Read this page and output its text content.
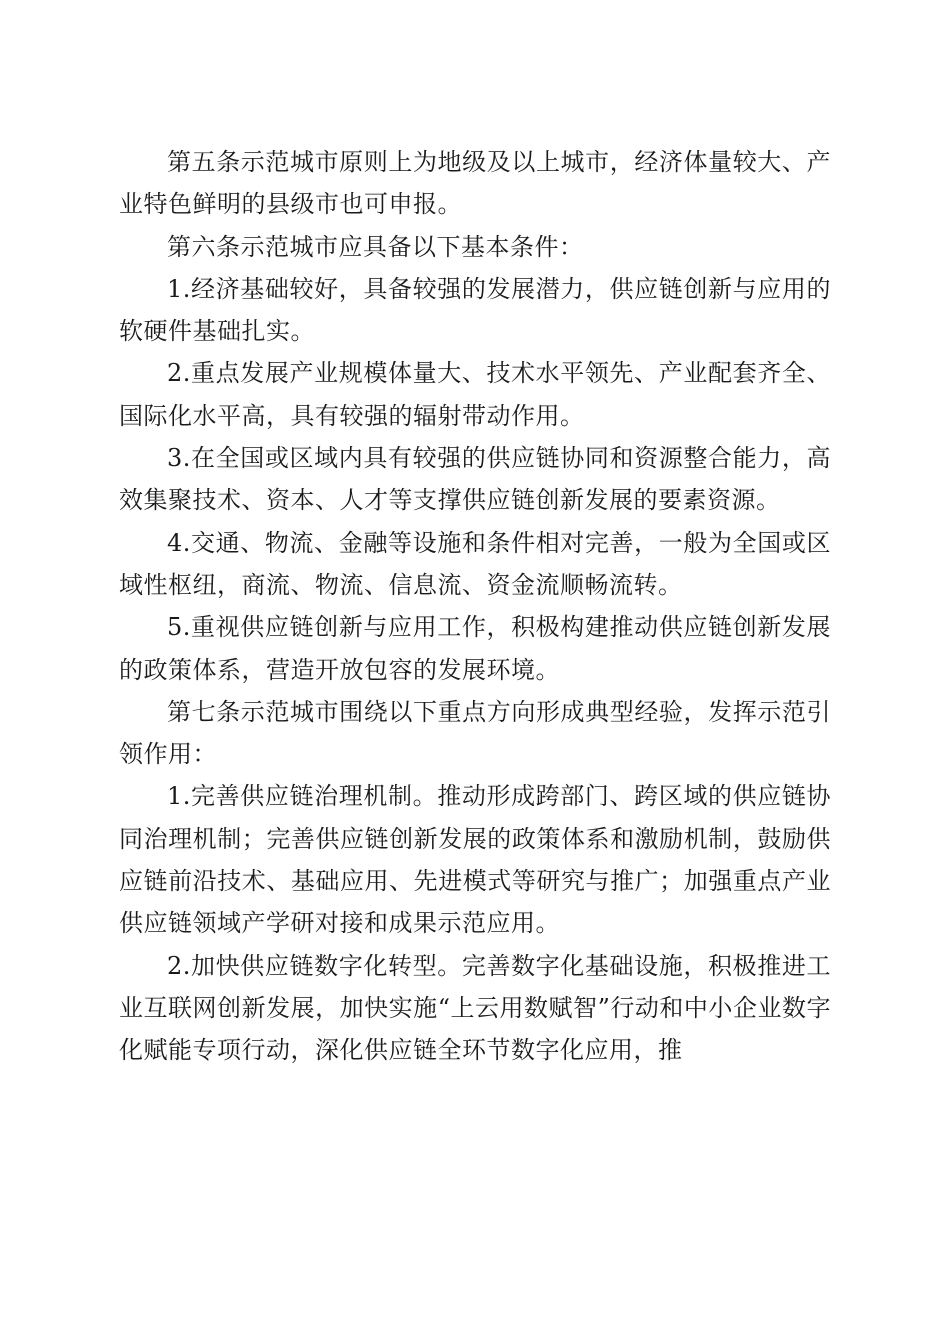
第五条示范城市原则上为地级及以上城市，经济体量较大、产业特色鲜明的县级市也可申报。

第六条示范城市应具备以下基本条件：

1.经济基础较好，具备较强的发展潜力，供应链创新与应用的软硬件基础扎实。

2.重点发展产业规模体量大、技术水平领先、产业配套齐全、国际化水平高，具有较强的辐射带动作用。

3.在全国或区域内具有较强的供应链协同和资源整合能力，高效集聚技术、资本、人才等支撑供应链创新发展的要素资源。

4.交通、物流、金融等设施和条件相对完善，一般为全国或区域性枢纽，商流、物流、信息流、资金流顺畅流转。

5.重视供应链创新与应用工作，积极构建推动供应链创新发展的政策体系，营造开放包容的发展环境。

第七条示范城市围绕以下重点方向形成典型经验，发挥示范引领作用：

1.完善供应链治理机制。推动形成跨部门、跨区域的供应链协同治理机制；完善供应链创新发展的政策体系和激励机制，鼓励供应链前沿技术、基础应用、先进模式等研究与推广；加强重点产业供应链领域产学研对接和成果示范应用。

2.加快供应链数字化转型。完善数字化基础设施，积极推进工业互联网创新发展，加快实施“上云用数赋智”行动和中小企业数字化赋能专项行动，深化供应链全环节数字化应用，推
